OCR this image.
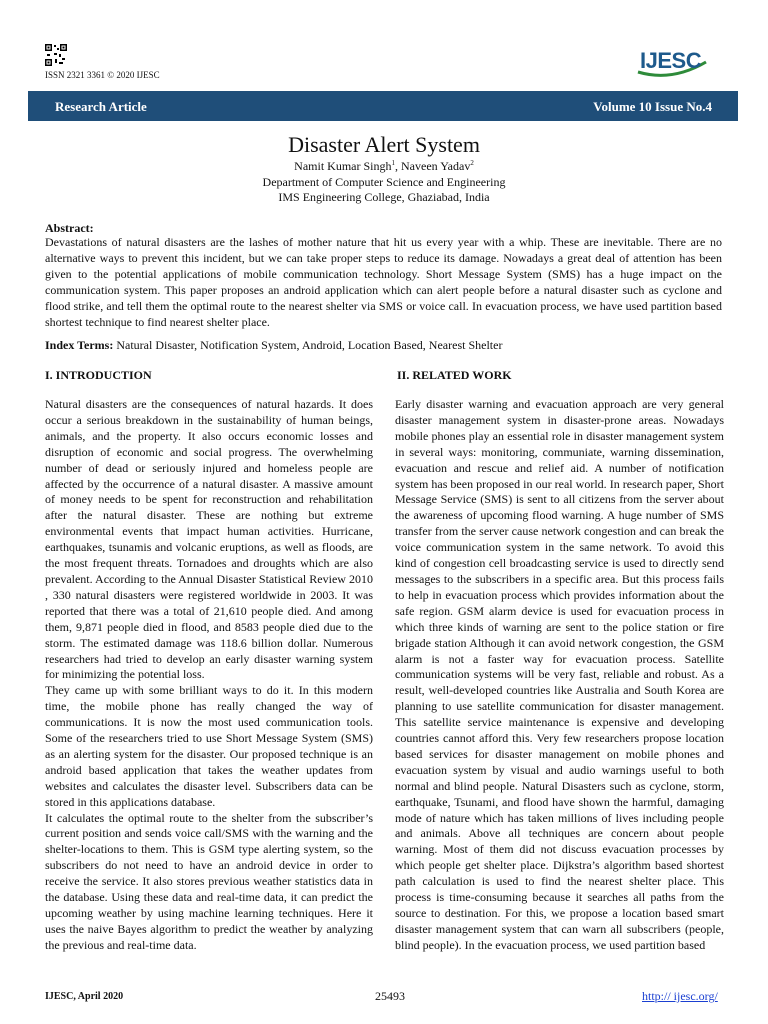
ISSN 2321 3361 © 2020 IJESC
IJESC
Research Article	Volume 10 Issue No.4
Disaster Alert System
Namit Kumar Singh$^1$, Naveen Yadav$^2$
Department of Computer Science and Engineering
IMS Engineering College, Ghaziabad, India
Abstract:
Devastations of natural disasters are the lashes of mother nature that hit us every year with a whip. These are inevitable. There are no alternative ways to prevent this incident, but we can take proper steps to reduce its damage. Nowadays a great deal of attention has been given to the potential applications of mobile communication technology. Short Message System (SMS) has a huge impact on the communication system. This paper proposes an android application which can alert people before a natural disaster such as cyclone and flood strike, and tell them the optimal route to the nearest shelter via SMS or voice call. In evacuation process, we have used partition based shortest technique to find nearest shelter place.
Index Terms: Natural Disaster, Notification System, Android, Location Based, Nearest Shelter
I. INTRODUCTION

Natural disasters are the consequences of natural hazards. It does occur a serious breakdown in the sustainability of human beings, animals, and the property. It also occurs economic losses and disruption of economic and social progress. The overwhelming number of dead or seriously injured and homeless people are affected by the occurrence of a natural disaster. A massive amount of money needs to be spent for reconstruction and rehabilitation after the natural disaster. These are nothing but extreme environmental events that impact human activities. Hurricane, earthquakes, tsunamis and volcanic eruptions, as well as floods, are the most frequent threats. Tornadoes and droughts which are also prevalent. According to the Annual Disaster Statistical Review 2010 , 330 natural disasters were registered worldwide in 2003. It was reported that there was a total of 21,610 people died. And among them, 9,871 people died in flood, and 8583 people died due to the storm. The estimated damage was 118.6 billion dollar. Numerous researchers had tried to develop an early disaster warning system for minimizing the potential loss.

They came up with some brilliant ways to do it. In this modern time, the mobile phone has really changed the way of communications. It is now the most used communication tools. Some of the researchers tried to use Short Message System (SMS) as an alerting system for the disaster. Our proposed technique is an android based application that takes the weather updates from websites and calculates the disaster level. Subscribers data can be stored in this applications database.

It calculates the optimal route to the shelter from the subscriber’s current position and sends voice call/SMS with the warning and the shelter-locations to them. This is GSM type alerting system, so the subscribers do not need to have an android device in order to receive the service. It also stores previous weather statistics data in the database. Using these data and real-time data, it can predict the upcoming weather by using machine learning techniques. Here it uses the naive Bayes algorithm to predict the weather by analyzing the previous and real-time data.

II. RELATED WORK

Early disaster warning and evacuation approach are very general disaster management system in disaster-prone areas. Nowadays mobile phones play an essential role in disaster management system in several ways: monitoring, communiate, warning dissemination, evacuation and rescue and relief aid. A number of notification system has been proposed in our real world. In research paper, Short Message Service (SMS) is sent to all citizens from the server about the awareness of upcoming flood warning. A huge number of SMS transfer from the server cause network congestion and can break the voice communication system in the same network. To avoid this kind of congestion cell broadcasting service is used to directly send messages to the subscribers in a specific area. But this process fails to help in evacuation process which provides information about the safe region. GSM alarm device is used for evacuation process in which three kinds of warning are sent to the police station or fire brigade station Although it can avoid network congestion, the GSM alarm is not a faster way for evacuation process. Satellite communication systems will be very fast, reliable and robust. As a result, well-developed countries like Australia and South Korea are planning to use satellite communication for disaster management. This satellite service maintenance is expensive and developing countries cannot afford this. Very few researchers propose location based services for disaster management on mobile phones and evacuation system by visual and audio warnings useful to both normal and blind people. Natural Disasters such as cyclone, storm, earthquake, Tsunami, and flood have shown the harmful, damaging mode of nature which has taken millions of lives including people and animals. Above all techniques are concern about people warning. Most of them did not discuss evacuation processes by which people get shelter place. Dijkstra’s algorithm based shortest path calculation is used to find the nearest shelter place. This process is time-consuming because it searches all paths from the source to destination. For this, we propose a location based smart disaster management system that can warn all subscribers (people, blind people). In the evacuation process, we used partition based

IJESC, April 2020	25493	http:// ijesc.org/
